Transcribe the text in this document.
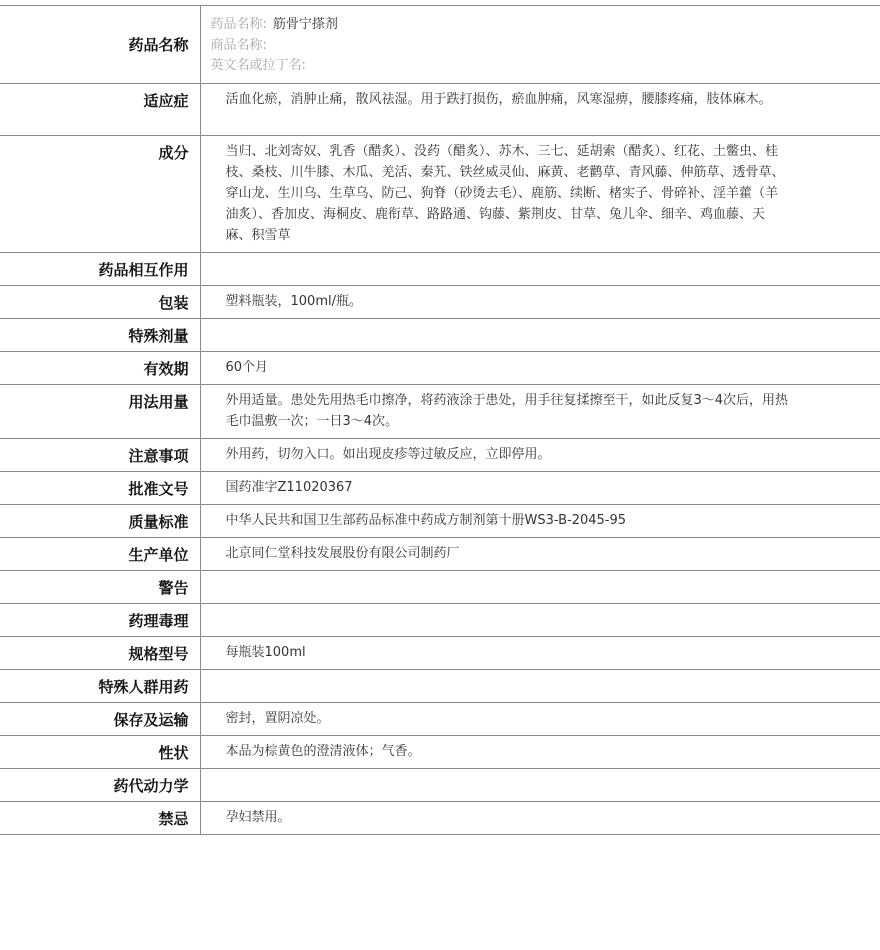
药品名称	药品名称: 筋骨宁搽剂
商品名称:
英文名或拉丁名:

适应症	活血化瘀，消肿止痛，散风祛湿。用于跌打损伤，瘀血肿痛，风寒湿痹，腰膝疼痛，肢体麻木。

成分	当归、北刘寄奴、乳香（醋炙）、没药（醋炙）、苏木、三七、延胡索（醋炙）、红花、土鳖虫、桂枝、桑枝、川牛膝、木瓜、羌活、秦艽、铁丝威灵仙、麻黄、老鹳草、青风藤、伸筋草、透骨草、穿山龙、生川乌、生草乌、防己、狗脊（砂烫去毛）、鹿筋、续断、楮实子、骨碎补、淫羊藿（羊油炙）、香加皮、海桐皮、鹿衔草、路路通、钩藤、紫荆皮、甘草、兔儿伞、细辛、鸡血藤、天麻、积雪草

药品相互作用	

包装	塑料瓶装，100ml/瓶。

特殊剂量	

有效期	60个月

用法用量	外用适量。患处先用热毛巾擦净，将药液涂于患处，用手往复揉擦至干，如此反复3～4次后，用热毛巾温敷一次；一日3～4次。

注意事项	外用药，切勿入口。如出现皮疹等过敏反应，立即停用。

批准文号	国药准字Z11020367

质量标准	中华人民共和国卫生部药品标准中药成方制剂第十册WS3-B-2045-95

生产单位	北京同仁堂科技发展股份有限公司制药厂

警告	

药理毒理	

规格型号	每瓶装100ml

特殊人群用药	

保存及运输	密封，置阴凉处。

性状	本品为棕黄色的澄清液体；气香。

药代动力学	

禁忌	孕妇禁用。
